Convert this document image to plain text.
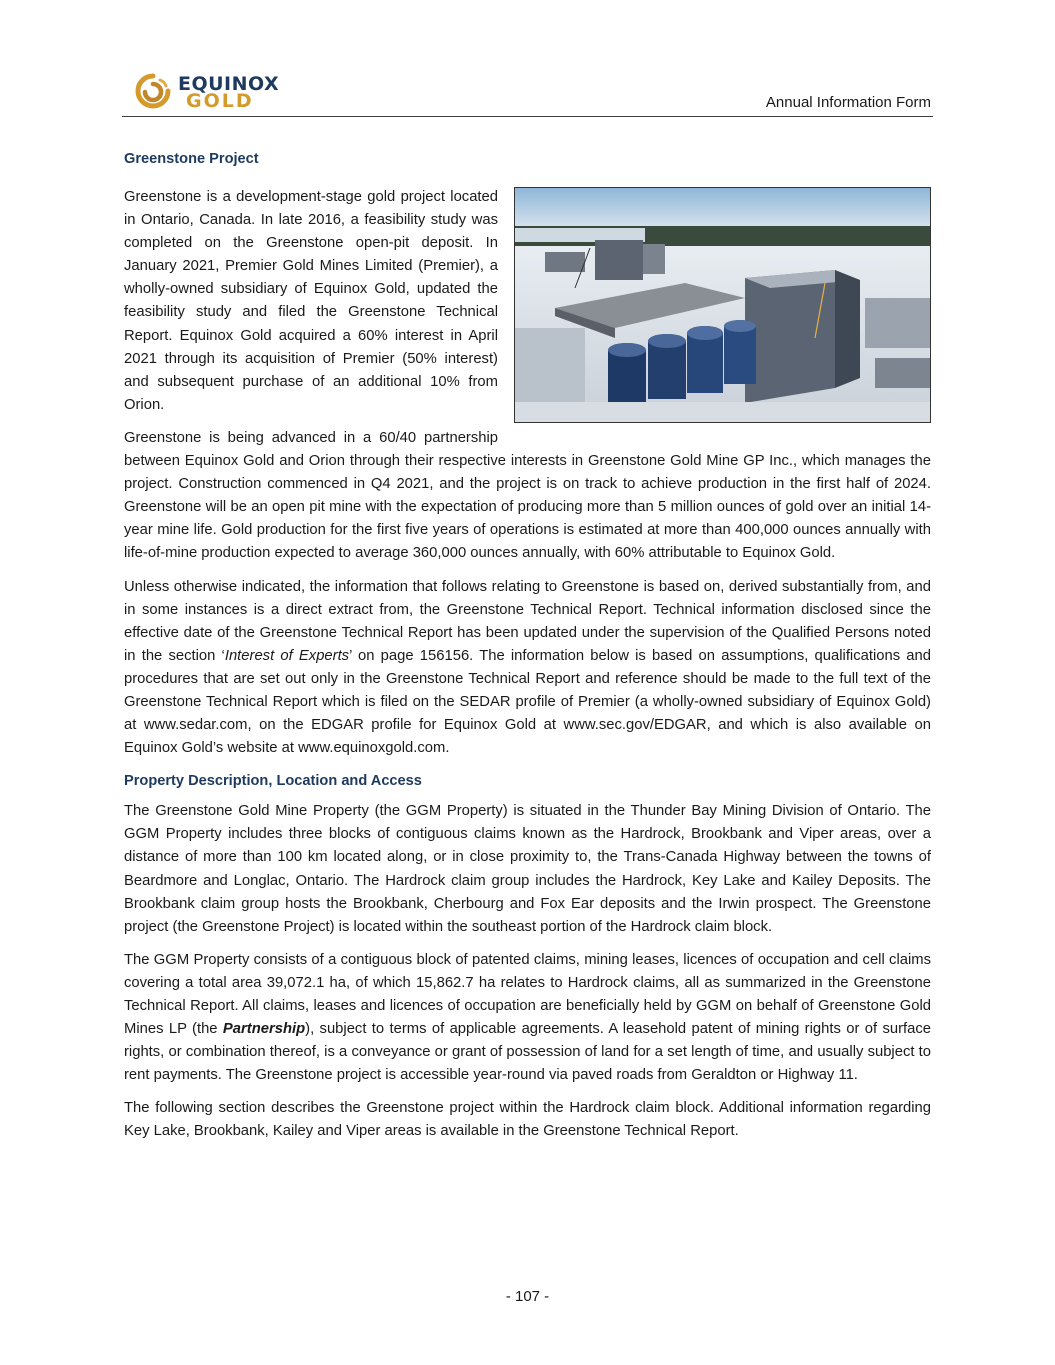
EQUINOX
GOLD	Annual Information Form
Greenstone Project

Greenstone is a development-stage gold project located in Ontario, Canada. In late 2016, a feasibility study was completed on the Greenstone open-pit deposit. In January 2021, Premier Gold Mines Limited (Premier), a wholly-owned subsidiary of Equinox Gold, updated the feasibility study and filed the Greenstone Technical Report. Equinox Gold acquired a 60% interest in April 2021 through its acquisition of Premier (50% interest) and subsequent purchase of an additional 10% from Orion.

Greenstone is being advanced in a 60/40 partnership between Equinox Gold and Orion through their respective interests in Greenstone Gold Mine GP Inc., which manages the project. Construction commenced in Q4 2021, and the project is on track to achieve production in the first half of 2024. Greenstone will be an open pit mine with the expectation of producing more than 5 million ounces of gold over an initial 14-year mine life. Gold production for the first five years of operations is estimated at more than 400,000 ounces annually with life-of-mine production expected to average 360,000 ounces annually, with 60% attributable to Equinox Gold.

Unless otherwise indicated, the information that follows relating to Greenstone is based on, derived substantially from, and in some instances is a direct extract from, the Greenstone Technical Report. Technical information disclosed since the effective date of the Greenstone Technical Report has been updated under the supervision of the Qualified Persons noted in the section ‘Interest of Experts’ on page 156156. The information below is based on assumptions, qualifications and procedures that are set out only in the Greenstone Technical Report and reference should be made to the full text of the Greenstone Technical Report which is filed on the SEDAR profile of Premier (a wholly-owned subsidiary of Equinox Gold) at www.sedar.com, on the EDGAR profile for Equinox Gold at www.sec.gov/EDGAR, and which is also available on Equinox Gold’s website at www.equinoxgold.com.

Property Description, Location and Access

The Greenstone Gold Mine Property (the GGM Property) is situated in the Thunder Bay Mining Division of Ontario. The GGM Property includes three blocks of contiguous claims known as the Hardrock, Brookbank and Viper areas, over a distance of more than 100 km located along, or in close proximity to, the Trans-Canada Highway between the towns of Beardmore and Longlac, Ontario. The Hardrock claim group includes the Hardrock, Key Lake and Kailey Deposits. The Brookbank claim group hosts the Brookbank, Cherbourg and Fox Ear deposits and the Irwin prospect. The Greenstone project (the Greenstone Project) is located within the southeast portion of the Hardrock claim block.

The GGM Property consists of a contiguous block of patented claims, mining leases, licences of occupation and cell claims covering a total area 39,072.1 ha, of which 15,862.7 ha relates to Hardrock claims, all as summarized in the Greenstone Technical Report. All claims, leases and licences of occupation are beneficially held by GGM on behalf of Greenstone Gold Mines LP (the Partnership), subject to terms of applicable agreements. A leasehold patent of mining rights or of surface rights, or combination thereof, is a conveyance or grant of possession of land for a set length of time, and usually subject to rent payments. The Greenstone project is accessible year-round via paved roads from Geraldton or Highway 11.

The following section describes the Greenstone project within the Hardrock claim block. Additional information regarding Key Lake, Brookbank, Kailey and Viper areas is available in the Greenstone Technical Report.

- 107 -
